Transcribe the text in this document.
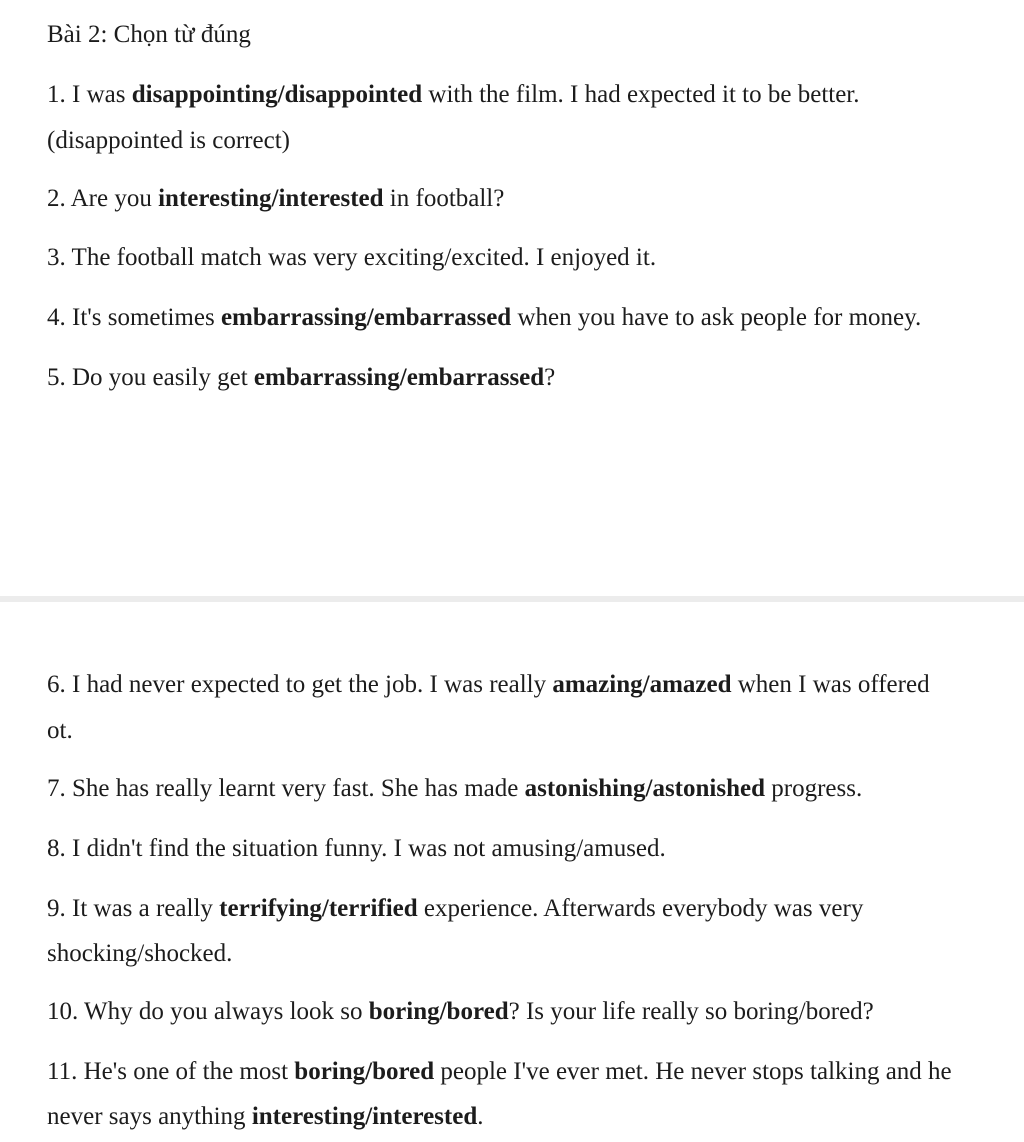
Bài 2: Chọn từ đúng
1. I was disappointing/disappointed with the film. I had expected it to be better.
(disappointed is correct)
2. Are you interesting/interested in football?
3. The football match was very exciting/excited. I enjoyed it.
4. It's sometimes embarrassing/embarrassed when you have to ask people for money.
5. Do you easily get embarrassing/embarrassed?
6. I had never expected to get the job. I was really amazing/amazed when I was offered
ot.
7. She has really learnt very fast. She has made astonishing/astonished progress.
8. I didn't find the situation funny. I was not amusing/amused.
9. It was a really terrifying/terrified experience. Afterwards everybody was very
shocking/shocked.
10. Why do you always look so boring/bored? Is your life really so boring/bored?
11. He's one of the most boring/bored people I've ever met. He never stops talking and he
never says anything interesting/interested.
